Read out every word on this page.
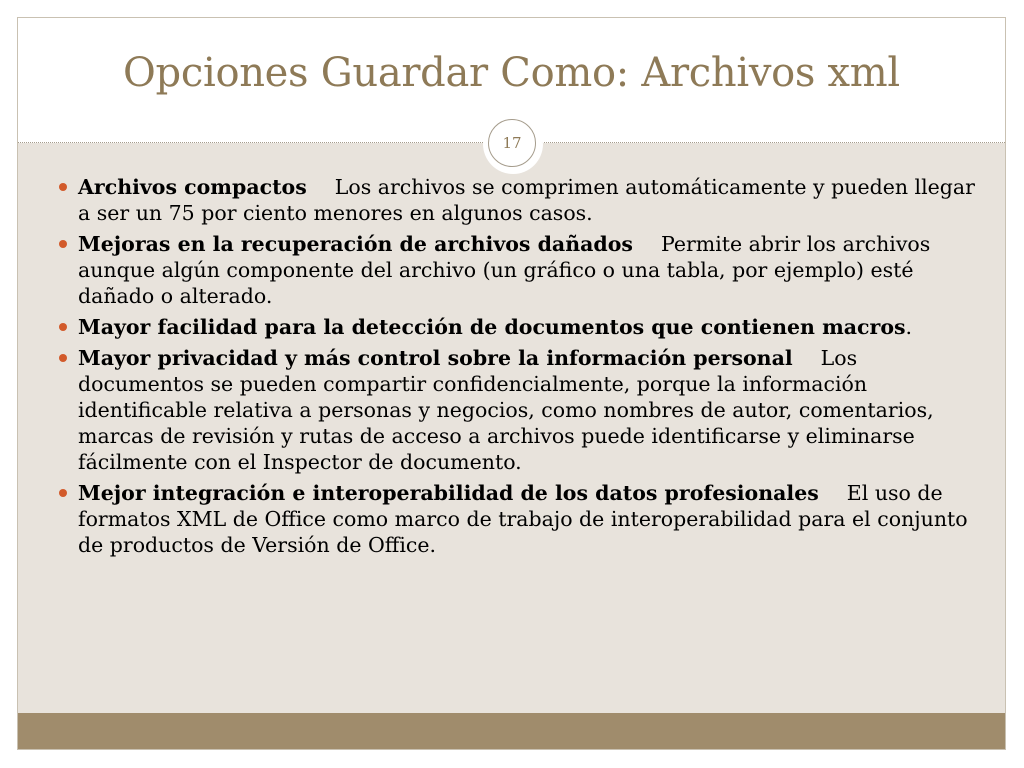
Opciones Guardar Como: Archivos xml
17
Archivos compactos Los archivos se comprimen automáticamente y pueden llegar a ser un 75 por ciento menores en algunos casos.
Mejoras en la recuperación de archivos dañados Permite abrir los archivos aunque algún componente del archivo (un gráfico o una tabla, por ejemplo) esté dañado o alterado.
Mayor facilidad para la detección de documentos que contienen macros.
Mayor privacidad y más control sobre la información personal Los documentos se pueden compartir confidencialmente, porque la información identificable relativa a personas y negocios, como nombres de autor, comentarios, marcas de revisión y rutas de acceso a archivos puede identificarse y eliminarse fácilmente con el Inspector de documento.
Mejor integración e interoperabilidad de los datos profesionales El uso de formatos XML de Office como marco de trabajo de interoperabilidad para el conjunto de productos de Versión de Office.
